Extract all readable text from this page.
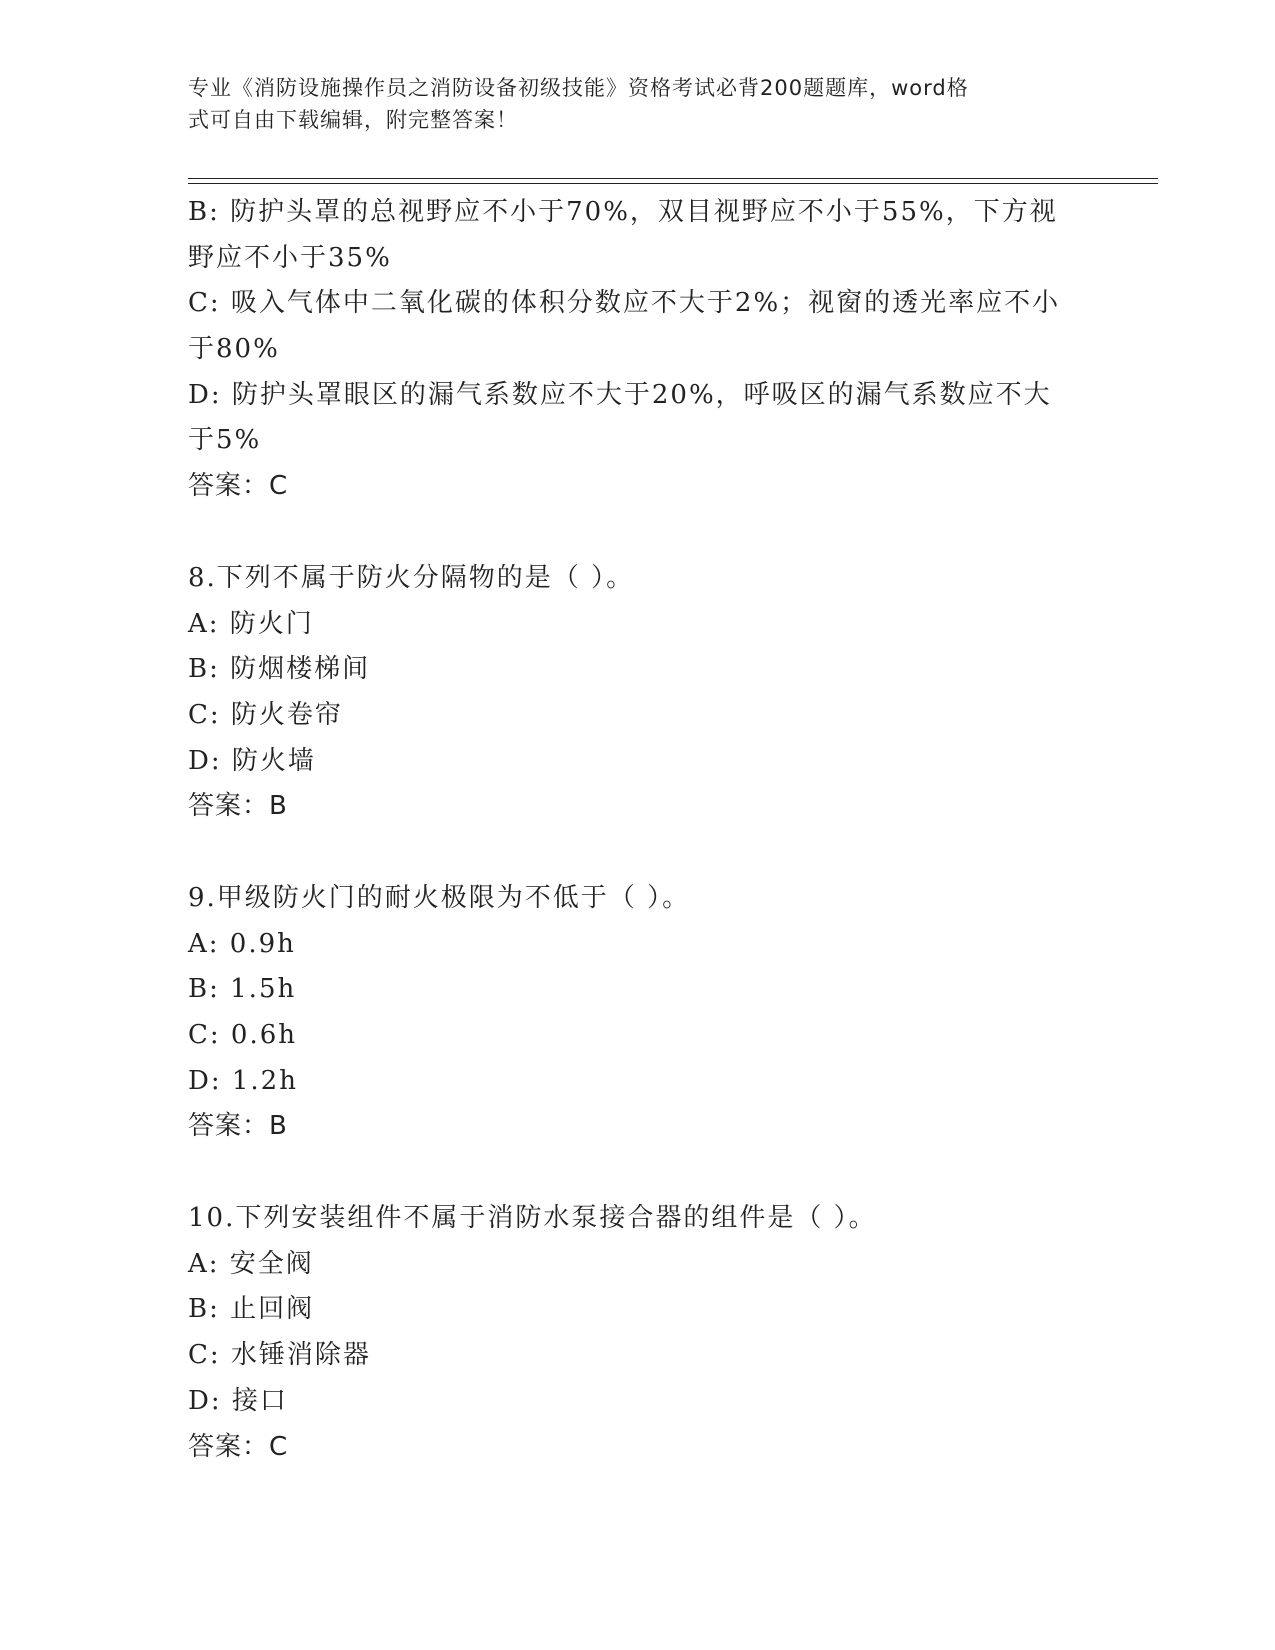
专业《消防设施操作员之消防设备初级技能》资格考试必背200题题库，word格
式可自由下载编辑，附完整答案！
B: 防护头罩的总视野应不小于70%，双目视野应不小于55%，下方视
野应不小于35%
C: 吸入气体中二氧化碳的体积分数应不大于2%；视窗的透光率应不小
于80%
D: 防护头罩眼区的漏气系数应不大于20%，呼吸区的漏气系数应不大
于5%
答案：C
8.下列不属于防火分隔物的是（ ）。
A: 防火门
B: 防烟楼梯间
C: 防火卷帘
D: 防火墙
答案：B
9.甲级防火门的耐火极限为不低于（ ）。
A: 0.9h
B: 1.5h
C: 0.6h
D: 1.2h
答案：B
10.下列安装组件不属于消防水泵接合器的组件是（ ）。
A: 安全阀
B: 止回阀
C: 水锤消除器
D: 接口
答案：C
